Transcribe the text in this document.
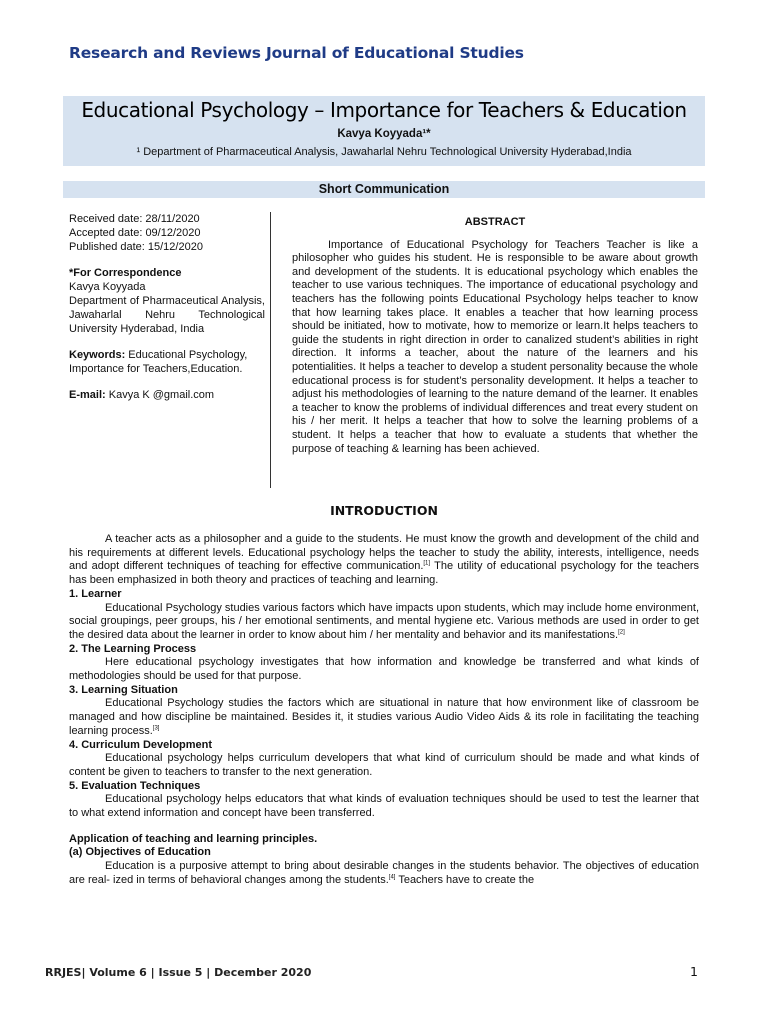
Research and Reviews Journal of Educational Studies
Educational Psychology – Importance for Teachers & Education
Kavya Koyyada¹*
¹ Department of Pharmaceutical Analysis, Jawaharlal Nehru Technological University Hyderabad,India
Short Communication
Received date: 28/11/2020
Accepted date: 09/12/2020
Published date: 15/12/2020
*For Correspondence
Kavya Koyyada
Department of Pharmaceutical Analysis, Jawaharlal Nehru Technological University Hyderabad, India
Keywords: Educational Psychology, Importance for Teachers,Education.
E-mail: Kavya K @gmail.com
ABSTRACT

Importance of Educational Psychology for Teachers Teacher is like a philosopher who guides his student. He is responsible to be aware about growth and development of the students. It is educational psychology which enables the teacher to use various techniques. The importance of educational psychology and teachers has the following points Educational Psychology helps teacher to know that how learning takes place. It enables a teacher that how learning process should be initiated, how to motivate, how to memorize or learn.It helps teachers to guide the students in right direction in order to canalized student’s abilities in right direction. It informs a teacher, about the nature of the learners and his potentialities. It helps a teacher to develop a student personality because the whole educational process is for student’s personality development. It helps a teacher to adjust his methodologies of learning to the nature demand of the learner. It enables a teacher to know the problems of individual differences and treat every student on his / her merit. It helps a teacher that how to solve the learning problems of a student. It helps a teacher that how to evaluate a students that whether the purpose of teaching & learning has been achieved.

INTRODUCTION

A teacher acts as a philosopher and a guide to the students. He must know the growth and development of the child and his requirements at different levels. Educational psychology helps the teacher to study the ability, interests, intelligence, needs and adopt different techniques of teaching for effective communication.[1] The utility of educational psychology for the teachers has been emphasized in both theory and practices of teaching and learning.

1. Learner

Educational Psychology studies various factors which have impacts upon students, which may include home environment, social groupings, peer groups, his / her emotional sentiments, and mental hygiene etc. Various methods are used in order to get the desired data about the learner in order to know about him / her mentality and behavior and its manifestations.[2]

2. The Learning Process

Here educational psychology investigates that how information and knowledge be transferred and what kinds of methodologies should be used for that purpose.

3. Learning Situation

Educational Psychology studies the factors which are situational in nature that how environment like of classroom be managed and how discipline be maintained. Besides it, it studies various Audio Video Aids & its role in facilitating the teaching learning process.[3]

4. Curriculum Development

Educational psychology helps curriculum developers that what kind of curriculum should be made and what kinds of content be given to teachers to transfer to the next generation.

5. Evaluation Techniques

Educational psychology helps educators that what kinds of evaluation techniques should be used to test the learner that to what extend information and concept have been transferred.

Application of teaching and learning principles.
(a) Objectives of Education

Education is a purposive attempt to bring about desirable changes in the students behavior. The objectives of education are real- ized in terms of behavioral changes among the students.[4] Teachers have to create the

RRJES| Volume 6 | Issue 5 | December 2020	1
